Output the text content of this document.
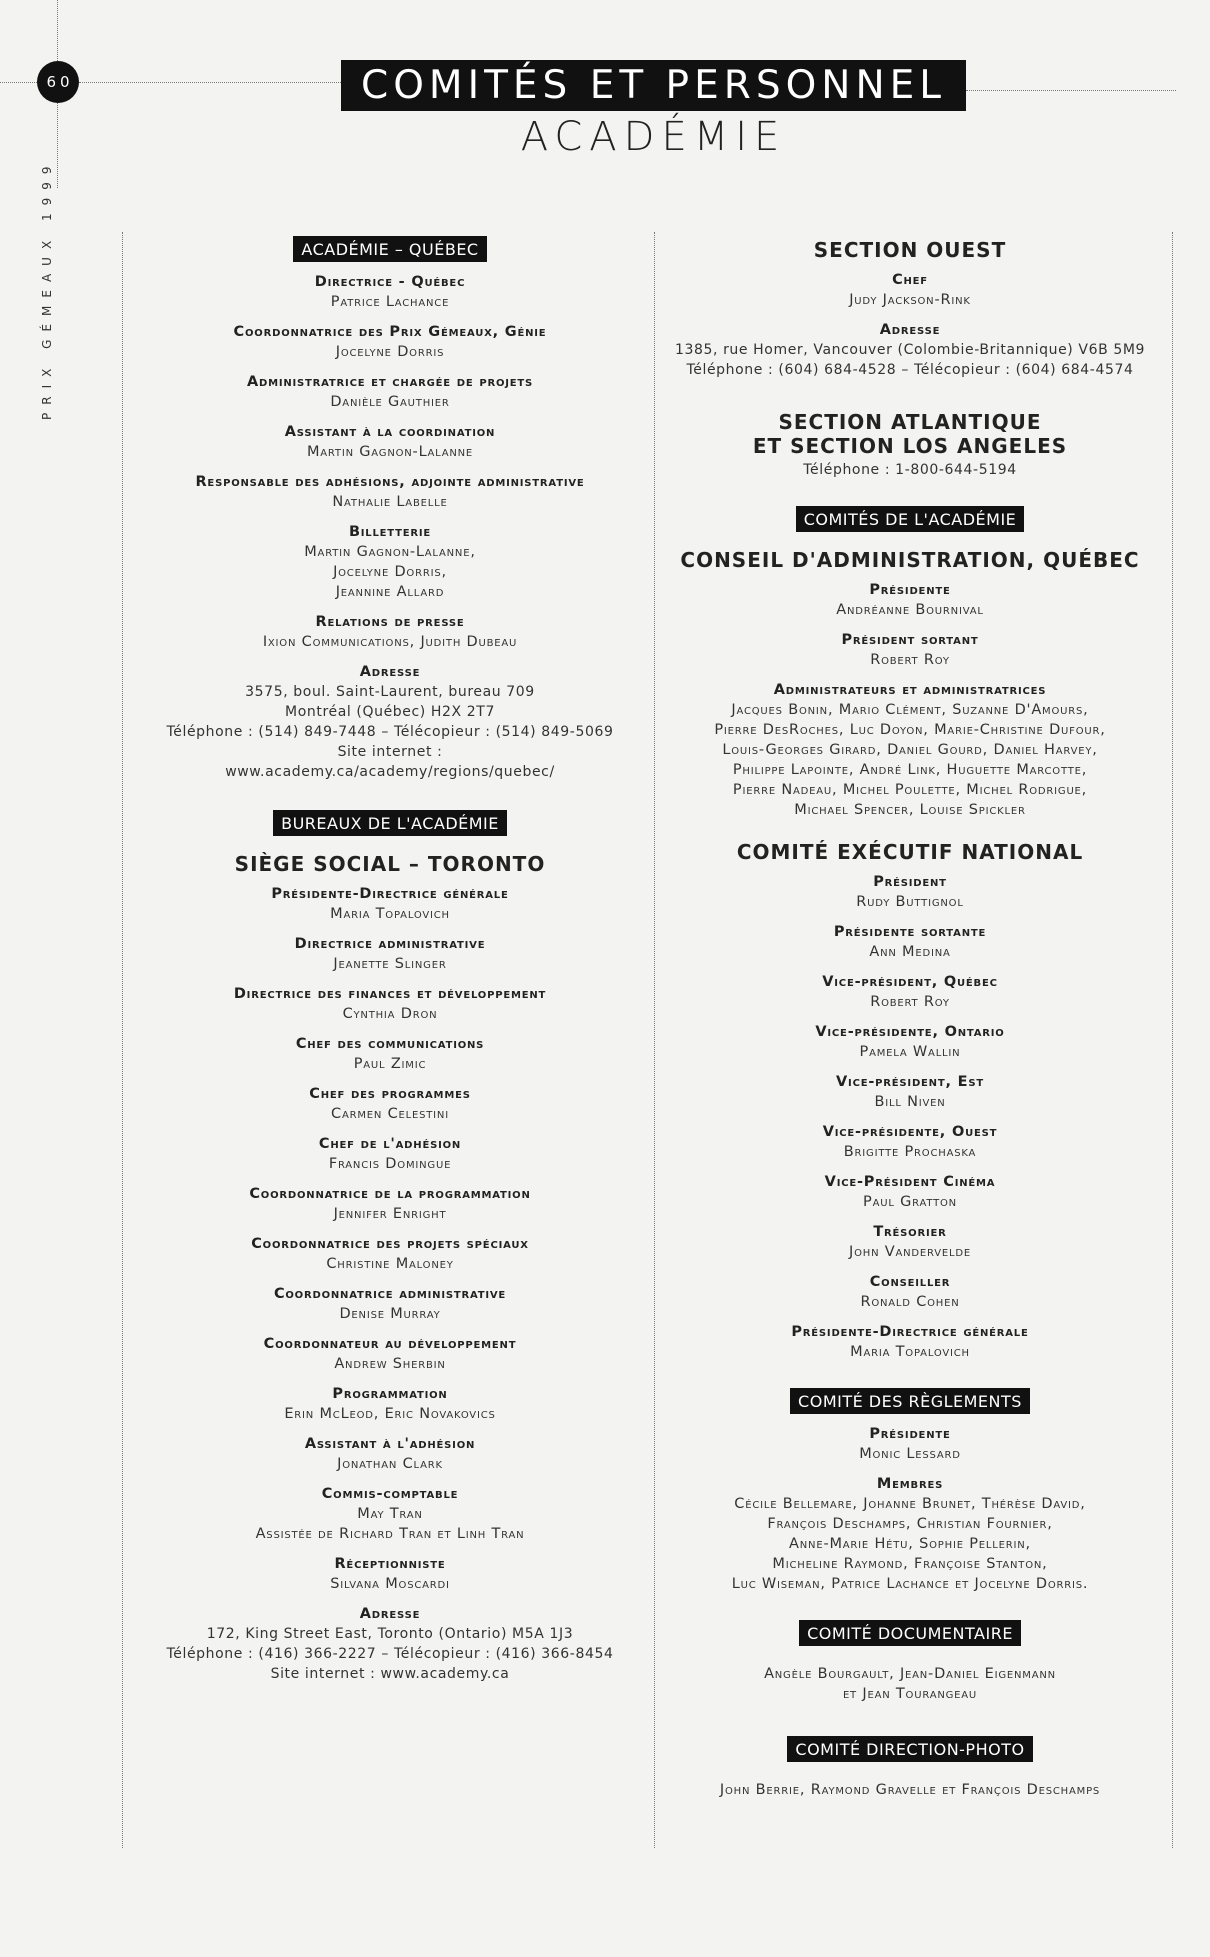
60	COMITÉS ET PERSONNEL
ACADÉMIE
PRIX GÉMEAUX 1999	ACADÉMIE – QUÉBEC
Directrice - Québec
Patrice Lachance
Coordonnatrice des Prix Gémeaux, Génie
Jocelyne Dorris
Administratrice et chargée de projets
Danièle Gauthier
Assistant à la coordination
Martin Gagnon-Lalanne
Responsable des adhésions, adjointe administrative
Nathalie Labelle
Billetterie
Martin Gagnon-Lalanne,
Jocelyne Dorris,
Jeannine Allard
Relations de presse
Ixion Communications, Judith Dubeau
Adresse
3575, boul. Saint-Laurent, bureau 709
Montréal (Québec) H2X 2T7
Téléphone : (514) 849-7448 – Télécopieur : (514) 849-5069
Site internet :
www.academy.ca/academy/regions/quebec/
BUREAUX DE L'ACADÉMIE
SIÈGE SOCIAL – TORONTO
Présidente-Directrice générale
Maria Topalovich
Directrice administrative
Jeanette Slinger
Directrice des finances et développement
Cynthia Dron
Chef des communications
Paul Zimic
Chef des programmes
Carmen Celestini
Chef de l'adhésion
Francis Domingue
Coordonnatrice de la programmation
Jennifer Enright
Coordonnatrice des projets spéciaux
Christine Maloney
Coordonnatrice administrative
Denise Murray
Coordonnateur au développement
Andrew Sherbin
Programmation
Erin McLeod, Eric Novakovics
Assistant à l'adhésion
Jonathan Clark
Commis-comptable
May Tran
Assistée de Richard Tran et Linh Tran
Réceptionniste
Silvana Moscardi
Adresse
172, King Street East, Toronto (Ontario) M5A 1J3
Téléphone : (416) 366-2227 – Télécopieur : (416) 366-8454
Site internet : www.academy.ca
SECTION OUEST
Chef
Judy Jackson-Rink
Adresse
1385, rue Homer, Vancouver (Colombie-Britannique) V6B 5M9
Téléphone : (604) 684-4528 – Télécopieur : (604) 684-4574
SECTION ATLANTIQUE
ET SECTION LOS ANGELES
Téléphone : 1-800-644-5194
COMITÉS DE L'ACADÉMIE
CONSEIL D'ADMINISTRATION, QUÉBEC
Présidente
Andréanne Bournival
Président sortant
Robert Roy
Administrateurs et administratrices
Jacques Bonin, Mario Clément, Suzanne D'Amours,
Pierre DesRoches, Luc Doyon, Marie-Christine Dufour,
Louis-Georges Girard, Daniel Gourd, Daniel Harvey,
Philippe Lapointe, André Link, Huguette Marcotte,
Pierre Nadeau, Michel Poulette, Michel Rodrigue,
Michael Spencer, Louise Spickler
COMITÉ EXÉCUTIF NATIONAL
Président
Rudy Buttignol
Présidente sortante
Ann Medina
Vice-président, Québec
Robert Roy
Vice-présidente, Ontario
Pamela Wallin
Vice-président, Est
Bill Niven
Vice-présidente, Ouest
Brigitte Prochaska
Vice-Président Cinéma
Paul Gratton
Trésorier
John Vandervelde
Conseiller
Ronald Cohen
Présidente-Directrice générale
Maria Topalovich
COMITÉ DES RÈGLEMENTS
Présidente
Monic Lessard
Membres
Cécile Bellemare, Johanne Brunet, Thérèse David,
François Deschamps, Christian Fournier,
Anne-Marie Hétu, Sophie Pellerin,
Micheline Raymond, Françoise Stanton,
Luc Wiseman, Patrice Lachance et Jocelyne Dorris.
COMITÉ DOCUMENTAIRE
Angèle Bourgault, Jean-Daniel Eigenmann
et Jean Tourangeau
COMITÉ DIRECTION-PHOTO
John Berrie, Raymond Gravelle et François Deschamps
